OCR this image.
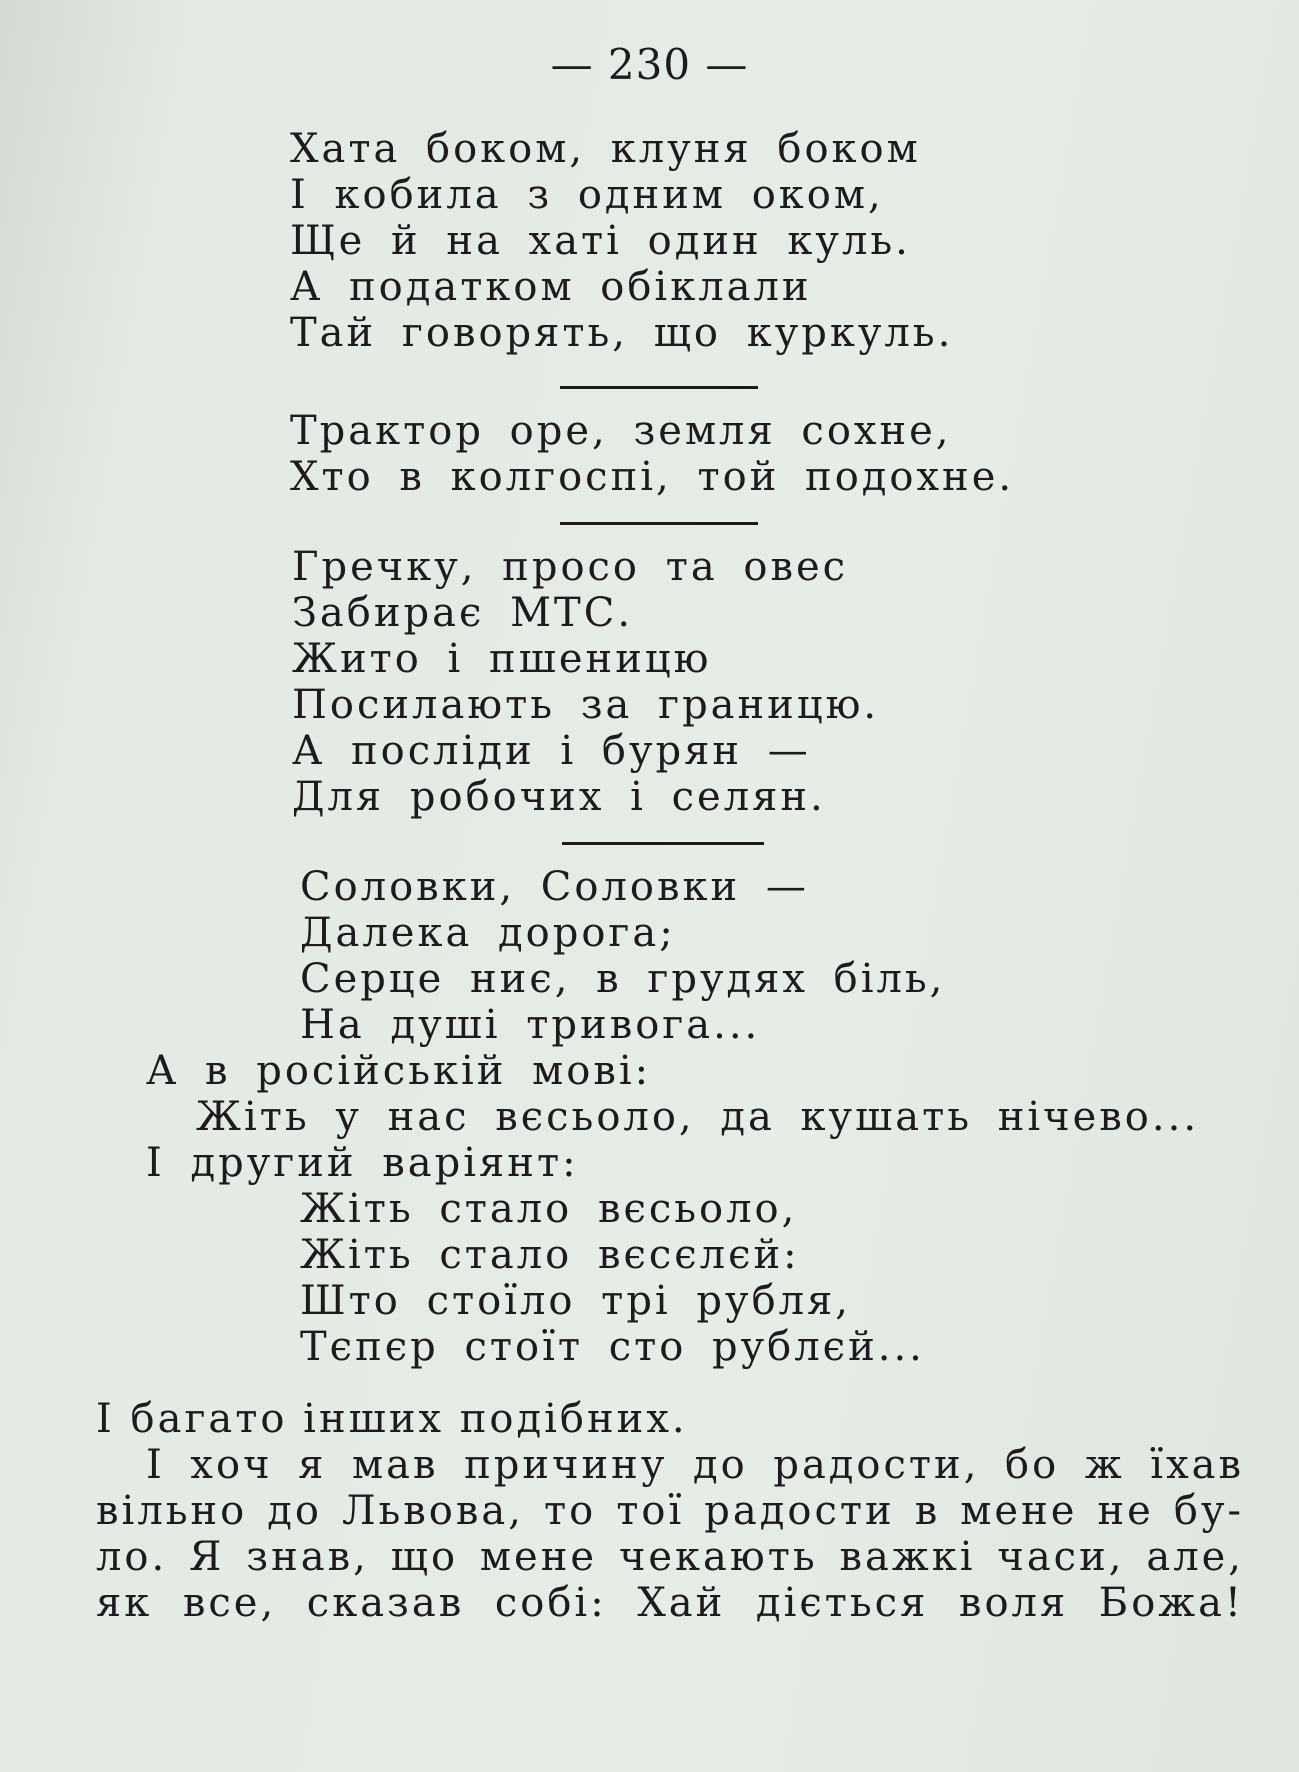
— 230 —
Хата боком, клуня боком
І кобила з одним оком,
Ще й на хаті один куль.
А податком обіклали
Тай говорять, що куркуль.
Трактор оре, земля сохне,
Хто в колгоспі, той подохне.
Гречку, просо та овес
Забирає МТС.
Жито і пшеницю
Посилають за границю.
А послiди і бурян —
Для робочих і селян.
Соловки, Соловки —
Далека дорога;
Серце ниє, в грудях біль,
На душі тривога...
А в російській мові:
Жіть у нас вєсьоло, да кушать нічево...
І другий варіянт:
Жіть стало вєсьоло,
Жіть стало вєсєлєй:
Што стоїло трі рубля,
Тєпєр стоїт сто рублєй...
І багато інших подібних.
І хоч я мав причину до радости, бо ж їхав
вільно до Львова, то тої радости в мене не бу-
ло. Я знав, що мене чекають важкі часи, але,
як все, сказав собі: Хай діється воля Божа!
